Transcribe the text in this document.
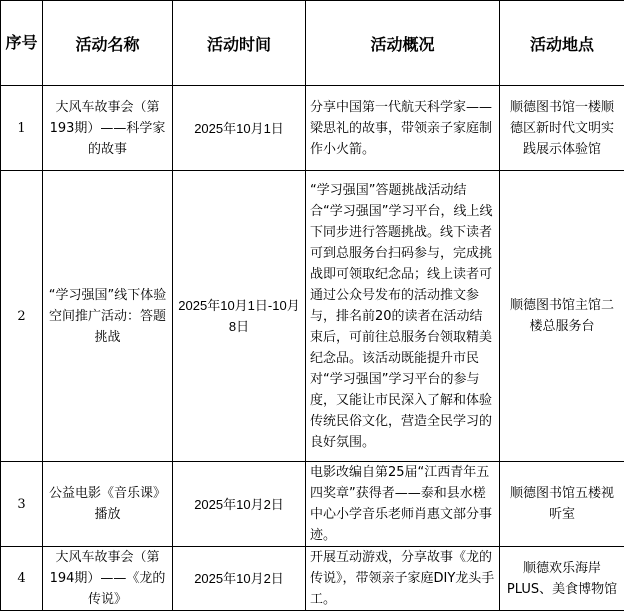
序号	活动名称	活动时间	活动概况	活动地点
1	大风车故事会（第193期）——科学家的故事	2025年10月1日	分享中国第一代航天科学家——梁思礼的故事，带领亲子家庭制作小火箭。	顺德图书馆一楼顺德区新时代文明实践展示体验馆
2	“学习强国”线下体验空间推广活动：答题挑战	2025年10月1日-10月8日	“学习强国”答题挑战活动结合“学习强国”学习平台，线上线下同步进行答题挑战。线下读者可到总服务台扫码参与，完成挑战即可领取纪念品；线上读者可通过公众号发布的活动推文参与，排名前20的读者在活动结束后，可前往总服务台领取精美纪念品。该活动既能提升市民对“学习强国”学习平台的参与度，又能让市民深入了解和体验传统民俗文化，营造全民学习的良好氛围。	顺德图书馆主馆二楼总服务台
3	公益电影《音乐课》播放	2025年10月2日	电影改编自第25届“江西青年五四奖章”获得者——泰和县水槎中心小学音乐老师肖惠文部分事迹。	顺德图书馆五楼视听室
4	大风车故事会（第194期）——《龙的传说》	2025年10月2日	开展互动游戏，分享故事《龙的传说》，带领亲子家庭DIY龙头手工。	顺德欢乐海岸PLUS、美食博物馆
